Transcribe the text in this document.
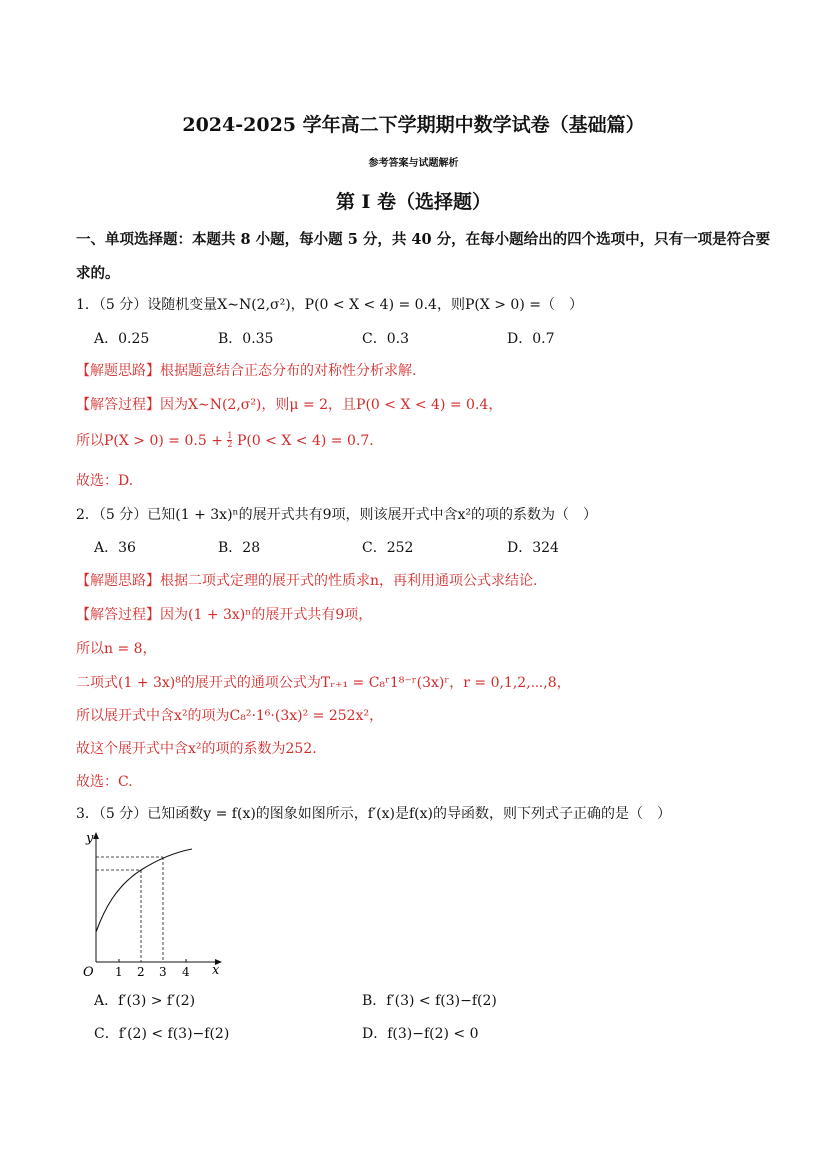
2024-2025 学年高二下学期期中数学试卷（基础篇）
参考答案与试题解析
第 I 卷（选择题）
一、单项选择题：本题共 8 小题，每小题 5 分，共 40 分，在每小题给出的四个选项中，只有一项是符合要
求的。
1．（5 分）设随机变量X∼N(2,σ²)，P(0 < X < 4) = 0.4，则P(X > 0) =（　）
A．0.25	B．0.35	C．0.3	D．0.7
【解题思路】根据题意结合正态分布的对称性分析求解.
【解答过程】因为X∼N(2,σ²)，则μ = 2，且P(0 < X < 4) = 0.4，
所以$P(X > 0) = 0.5 + \frac{1}{2} P(0 < X < 4) = 0.7$.
故选：D.
2．（5 分）已知(1 + 3x)ⁿ的展开式共有9项，则该展开式中含x²的项的系数为（　）
A．36	B．28	C．252	D．324
【解题思路】根据二项式定理的展开式的性质求n，再利用通项公式求结论.
【解答过程】因为(1 + 3x)ⁿ的展开式共有9项，
所以n = 8，
二项式(1 + 3x)⁸的展开式的通项公式为Tᵣ₊₁ = C₈ʳ1⁸⁻ʳ(3x)ʳ，r = 0,1,2,⋯,8，
所以展开式中含x²的项为C₈²·1⁶·(3x)² = 252x²，
故这个展开式中含x²的项的系数为252.
故选：C.
3．（5 分）已知函数y = f(x)的图象如图所示，f′(x)是f(x)的导函数，则下列式子正确的是（　）
y
x
O 1 2 3 4
A．f′(3) > f′(2)	B．f′(3) < f(3)−f(2)
C．f′(2) < f(3)−f(2)	D．f(3)−f(2) < 0
